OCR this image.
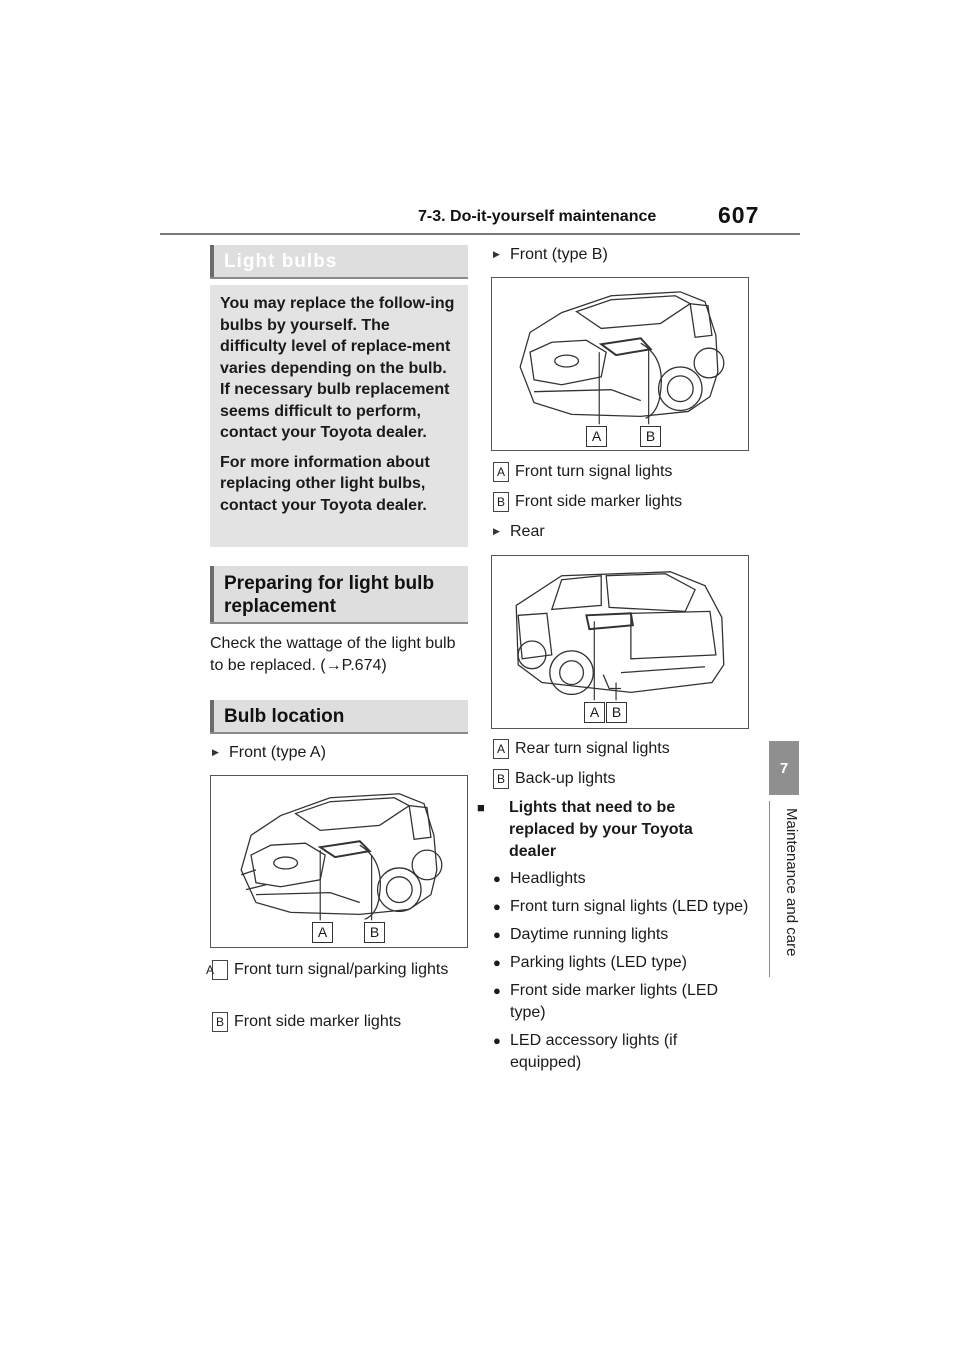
7-3. Do-it-yourself maintenance	607
7
Maintenance and care
Light bulbs

You may replace the follow-ing bulbs by yourself. The difficulty level of replace-ment varies depending on the bulb. If necessary bulb replacement seems difficult to perform, contact your Toyota dealer.

For more information about replacing other light bulbs, contact your Toyota dealer.

Preparing for light bulb replacement
Check the wattage of the light bulb to be replaced. (→P.674)
Bulb location
▶ Front (type A)
A	B
A Front turn signal/parking lights
B Front side marker lights
▶ Front (type B)
A	B
A Front turn signal lights
B Front side marker lights
▶ Rear
A B
A Rear turn signal lights
B Back-up lights
■ Lights that need to be replaced by your Toyota dealer
● Headlights
● Front turn signal lights (LED type)
● Daytime running lights
● Parking lights (LED type)
● Front side marker lights (LED type)
● LED accessory lights (if equipped)
